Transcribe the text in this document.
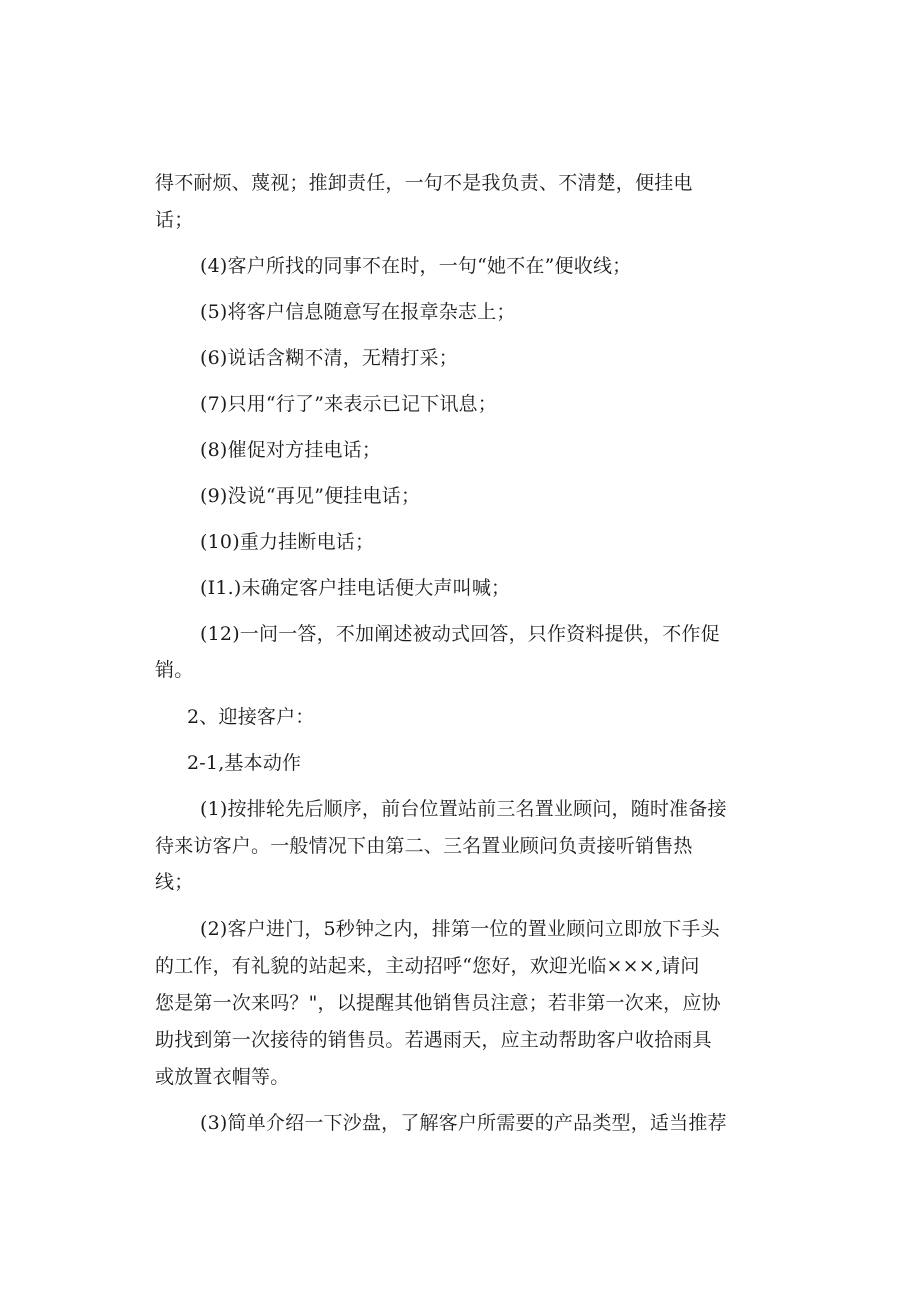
得不耐烦、蔑视；推卸责任，一句不是我负责、不清楚，便挂电
话；
(4)客户所找的同事不在时，一句“她不在”便收线；
(5)将客户信息随意写在报章杂志上；
(6)说话含糊不清，无精打采；
(7)只用“行了”来表示已记下讯息；
(8)催促对方挂电话；
(9)没说“再见”便挂电话；
(10)重力挂断电话；
(I1.)未确定客户挂电话便大声叫喊；
(12)一问一答，不加阐述被动式回答，只作资料提供，不作促
销。
2、迎接客户：
2-1,基本动作
(1)按排轮先后顺序，前台位置站前三名置业顾问，随时准备接
待来访客户。一般情况下由第二、三名置业顾问负责接听销售热
线；
(2)客户进门，5秒钟之内，排第一位的置业顾问立即放下手头
的工作，有礼貌的站起来，主动招呼“您好，欢迎光临×××,请问
您是第一次来吗？"，以提醒其他销售员注意；若非第一次来，应协
助找到第一次接待的销售员。若遇雨天，应主动帮助客户收拾雨具
或放置衣帽等。
(3)简单介绍一下沙盘，了解客户所需要的产品类型，适当推荐
